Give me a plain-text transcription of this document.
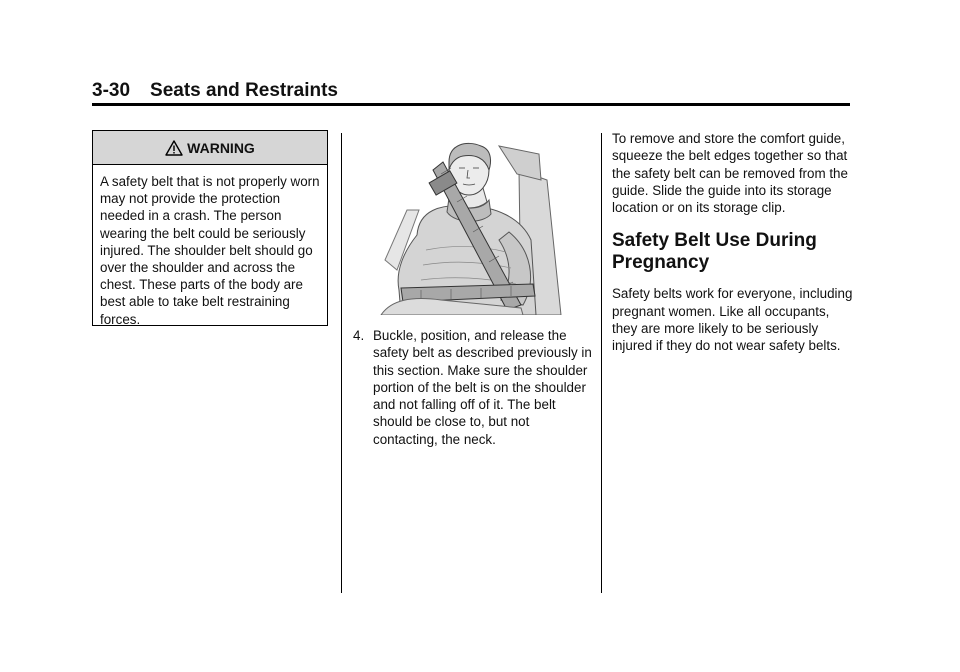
3-30 Seats and Restraints
WARNING
A safety belt that is not properly worn may not provide the protection needed in a crash. The person wearing the belt could be seriously injured. The shoulder belt should go over the shoulder and across the chest. These parts of the body are best able to take belt restraining forces.
4. Buckle, position, and release the safety belt as described previously in this section. Make sure the shoulder portion of the belt is on the shoulder and not falling off of it. The belt should be close to, but not contacting, the neck.

To remove and store the comfort guide, squeeze the belt edges together so that the safety belt can be removed from the guide. Slide the guide into its storage location or on its storage clip.

Safety Belt Use During Pregnancy

Safety belts work for everyone, including pregnant women. Like all occupants, they are more likely to be seriously injured if they do not wear safety belts.
